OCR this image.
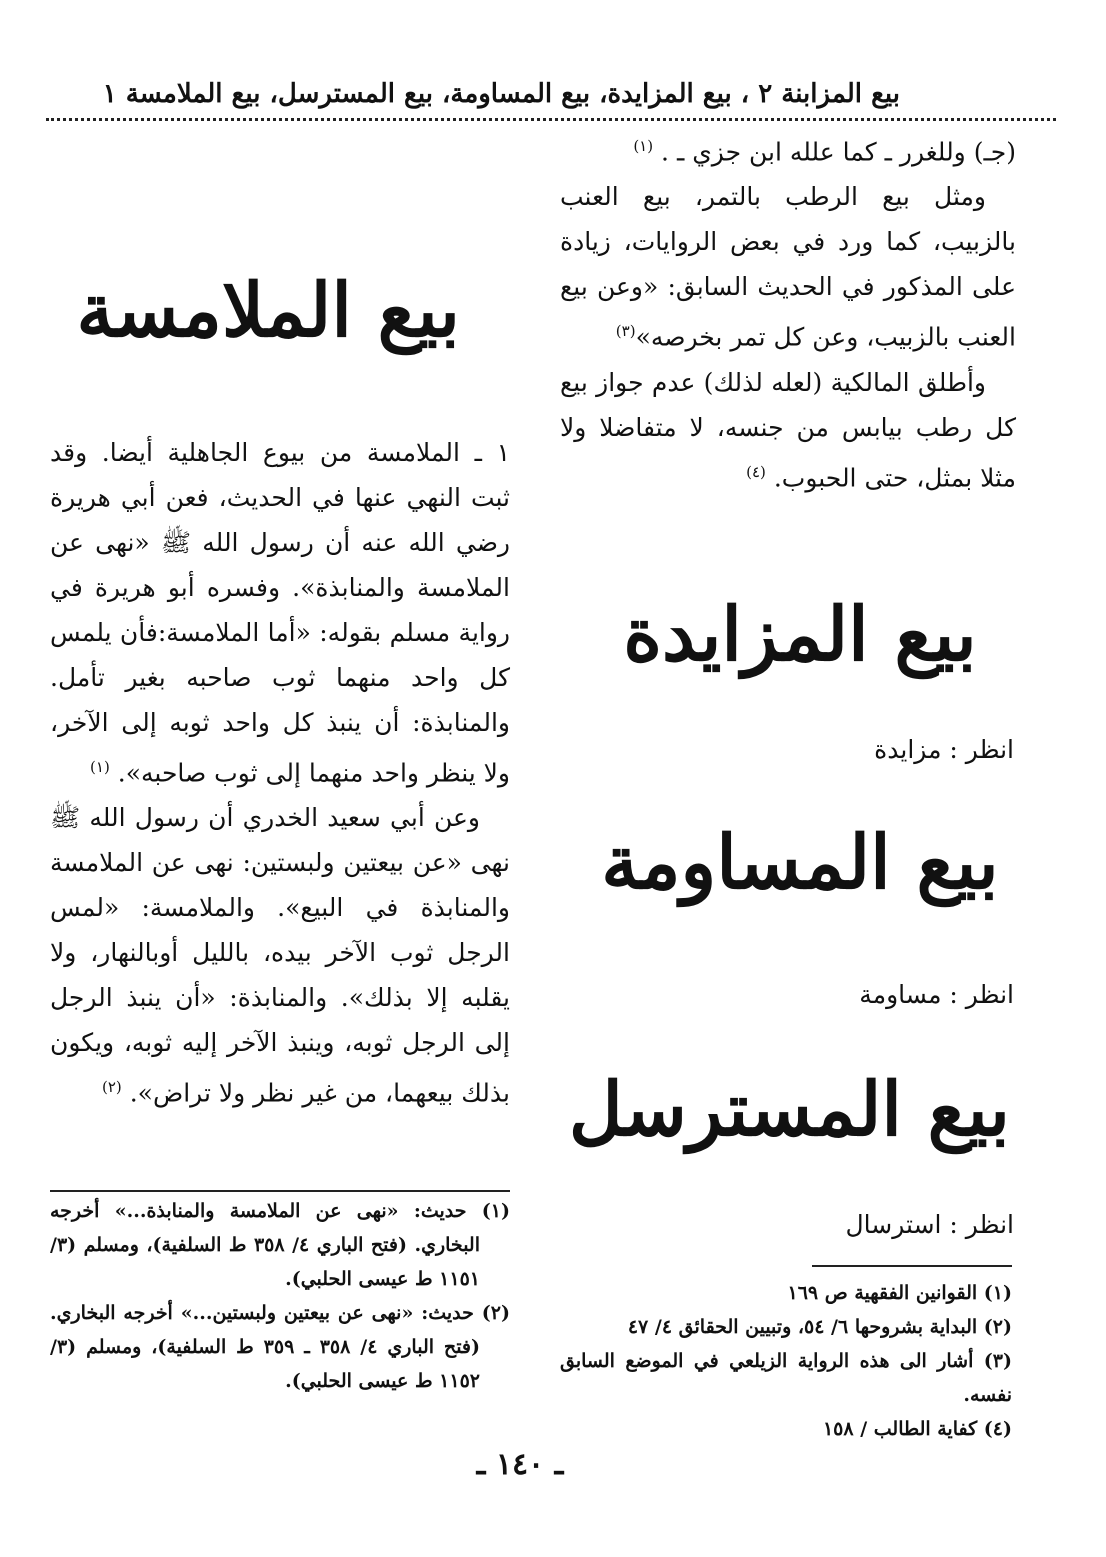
بيع المزابنة ٢ ، بيع المزايدة، بيع المساومة، بيع المسترسل، بيع الملامسة ١

(جـ) وللغرر ـ كما علله ابن جزي ـ . $^{(١)}$

ومثل بيع الرطب بالتمر، بيع العنب بالزبيب، كما ورد في بعض الروايات، زيادة على المذكور في الحديث السابق: «وعن بيع العنب بالزبيب، وعن كل تمر بخرصه»$^{(٣)}$

وأطلق المالكية (لعله لذلك) عدم جواز بيع كل رطب بيابس من جنسه، لا متفاضلا ولا مثلا بمثل، حتى الحبوب. $^{(٤)}$

بيع المزايدة
انظر : مزايدة
بيع المساومة
انظر : مساومة
بيع المسترسل
انظر : استرسال

(١) القوانين الفقهية ص ١٦٩

(٢) البداية بشروحها ٦/ ٥٤، وتبيين الحقائق ٤/ ٤٧

(٣) أشار الى هذه الرواية الزيلعي في الموضع السابق نفسه.

(٤) كفاية الطالب / ١٥٨

بيع الملامسة

١ ـ الملامسة من بيوع الجاهلية أيضا. وقد ثبت النهي عنها في الحديث، فعن أبي هريرة رضي الله عنه أن رسول الله ﷺ «نهى عن الملامسة والمنابذة». وفسره أبو هريرة في رواية مسلم بقوله: «أما الملامسة:فأن يلمس كل واحد منهما ثوب صاحبه بغير تأمل. والمنابذة: أن ينبذ كل واحد ثوبه إلى الآخر، ولا ينظر واحد منهما إلى ثوب صاحبه». $^{(١)}$

وعن أبي سعيد الخدري أن رسول الله ﷺ نهى «عن بيعتين ولبستين: نهى عن الملامسة والمنابذة في البيع». والملامسة: «لمس الرجل ثوب الآخر بيده، بالليل أوبالنهار، ولا يقلبه إلا بذلك». والمنابذة: «أن ينبذ الرجل إلى الرجل ثوبه، وينبذ الآخر إليه ثوبه، ويكون بذلك بيعهما، من غير نظر ولا تراض». $^{(٢)}$

(١) حديث: «نهى عن الملامسة والمنابذة...» أخرجه البخاري. (فتح الباري ٤/ ٣٥٨ ط السلفية)، ومسلم (٣/ ١١٥١ ط عيسى الحلبي).

(٢) حديث: «نهى عن بيعتين ولبستين...» أخرجه البخاري. (فتح الباري ٤/ ٣٥٨ ـ ٣٥٩ ط السلفية)، ومسلم (٣/ ١١٥٢ ط عيسى الحلبي).

ـ ١٤٠ ـ
